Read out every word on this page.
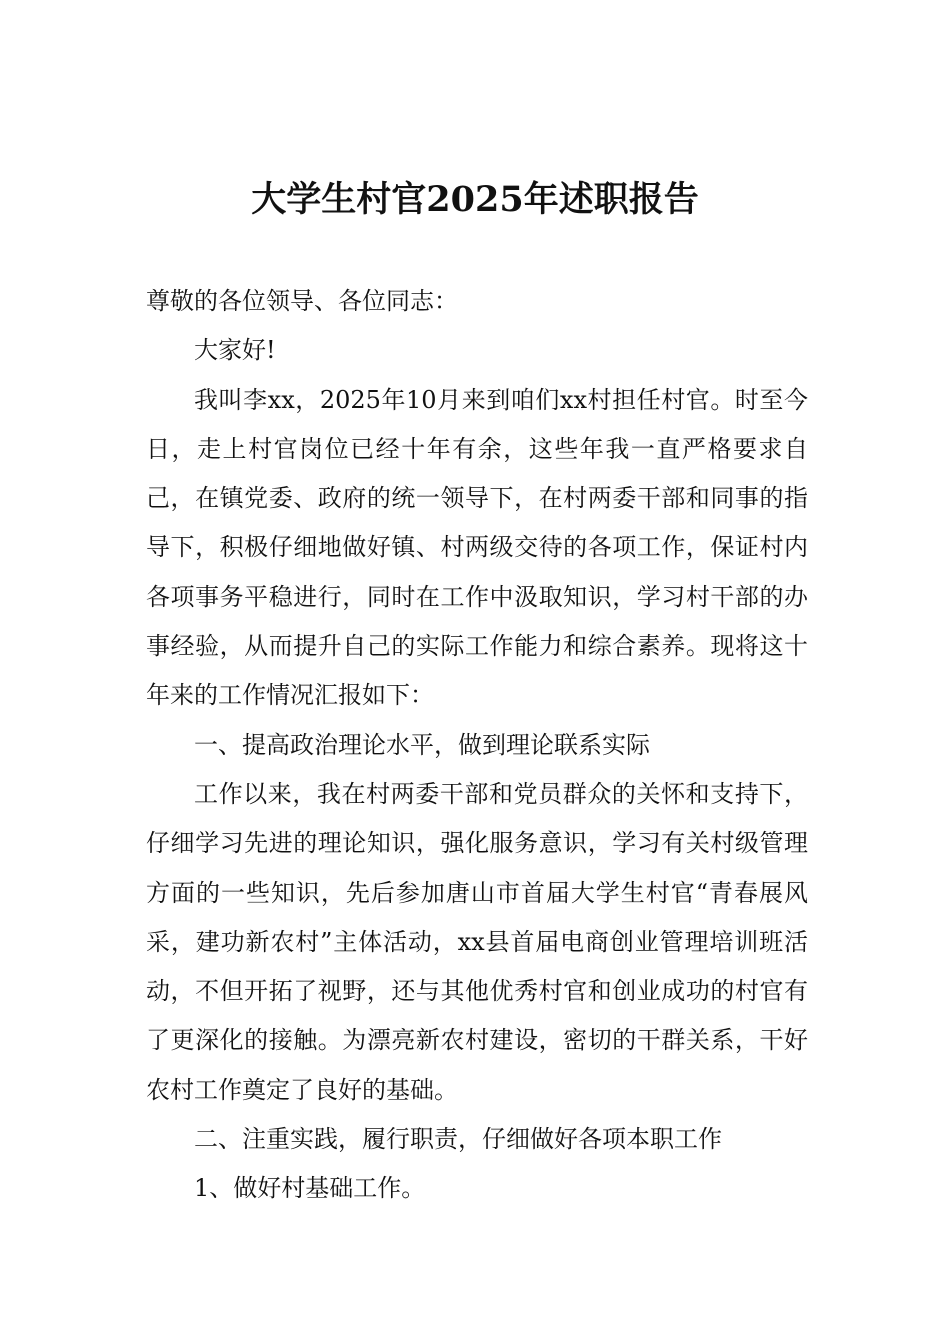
大学生村官2025年述职报告

尊敬的各位领导、各位同志：

大家好!

我叫李xx，2025年10月来到咱们xx村担任村官。时至今日，走上村官岗位已经十年有余，这些年我一直严格要求自己，在镇党委、政府的统一领导下，在村两委干部和同事的指导下，积极仔细地做好镇、村两级交待的各项工作，保证村内各项事务平稳进行，同时在工作中汲取知识，学习村干部的办事经验，从而提升自己的实际工作能力和综合素养。现将这十年来的工作情况汇报如下：

一、提高政治理论水平，做到理论联系实际

工作以来，我在村两委干部和党员群众的关怀和支持下，仔细学习先进的理论知识，强化服务意识，学习有关村级管理方面的一些知识，先后参加唐山市首届大学生村官“青春展风采，建功新农村”主体活动，xx县首届电商创业管理培训班活动，不但开拓了视野，还与其他优秀村官和创业成功的村官有了更深化的接触。为漂亮新农村建设，密切的干群关系，干好农村工作奠定了良好的基础。

二、注重实践，履行职责，仔细做好各项本职工作

1、做好村基础工作。
